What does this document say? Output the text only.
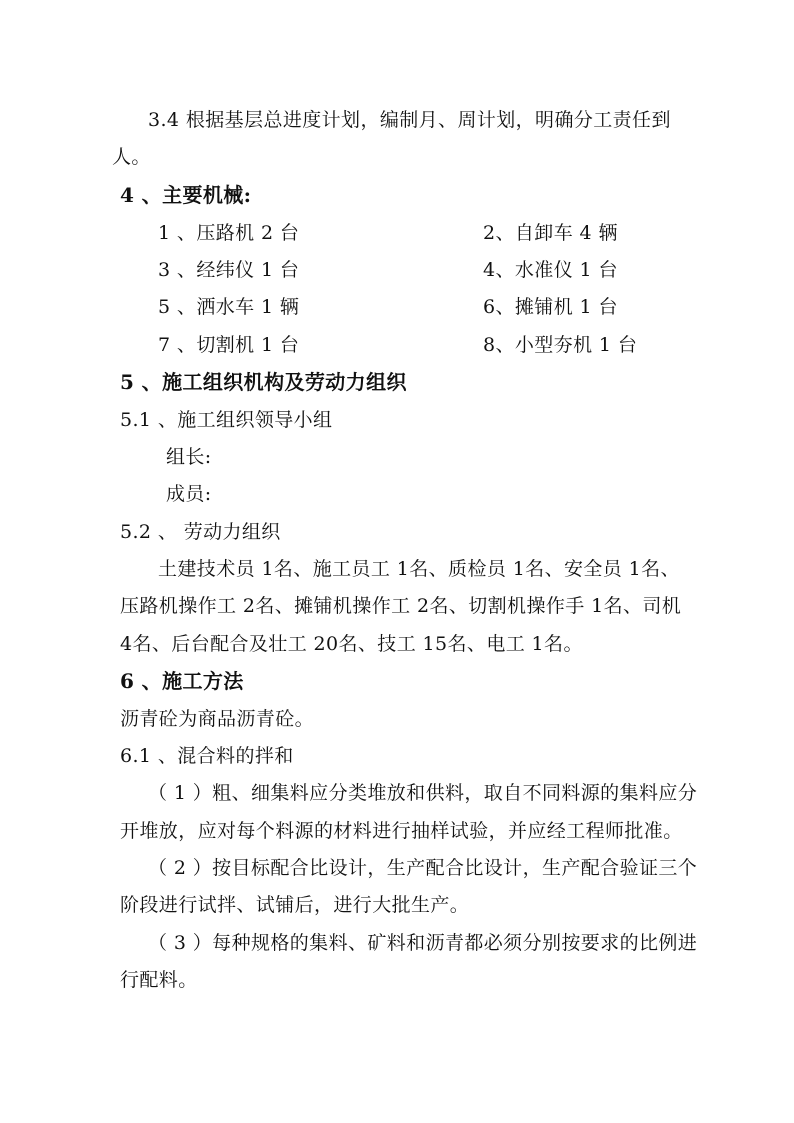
3.4 根据基层总进度计划，编制月、周计划，明确分工责任到
人。
4 、主要机械:
1 、压路机 2 台	2、自卸车 4 辆
3 、经纬仪 1 台	4、水准仪 1 台
5 、洒水车 1 辆	6、摊铺机 1 台
7 、切割机 1 台	8、小型夯机 1 台
5 、施工组织机构及劳动力组织
5.1 、施工组织领导小组
组长:
成员:
5.2 、 劳动力组织
土建技术员 1名、施工员工 1名、质检员 1名、安全员 1名、
压路机操作工 2名、摊铺机操作工 2名、切割机操作手 1名、司机
4名、后台配合及壮工 20名、技工 15名、电工 1名。
6 、施工方法
沥青砼为商品沥青砼。
6.1 、混合料的拌和
（ 1 ）粗、细集料应分类堆放和供料，取自不同料源的集料应分
开堆放，应对每个料源的材料进行抽样试验，并应经工程师批准。
（ 2 ）按目标配合比设计，生产配合比设计，生产配合验证三个
阶段进行试拌、试铺后，进行大批生产。
（ 3 ）每种规格的集料、矿料和沥青都必须分别按要求的比例进
行配料。
